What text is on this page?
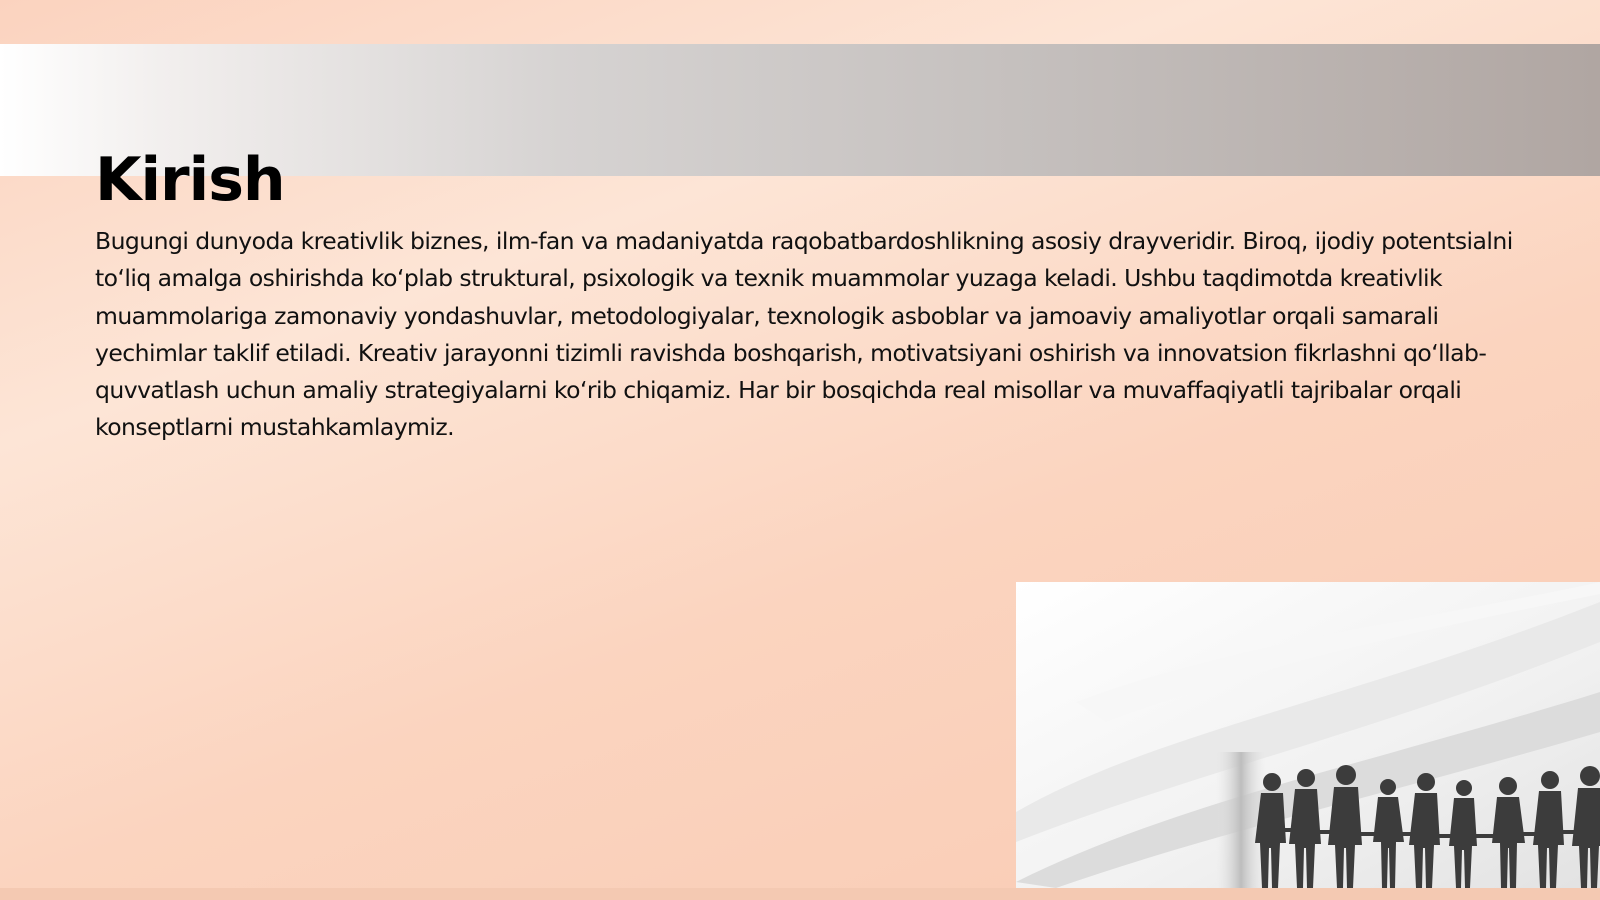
Kirish

Bugungi dunyoda kreativlik biznes, ilm-fan va madaniyatda raqobatbardoshlikning asosiy drayveridir. Biroq, ijodiy potentsialni to‘liq amalga oshirishda ko‘plab struktural, psixologik va texnik muammolar yuzaga keladi. Ushbu taqdimotda kreativlik muammolariga zamonaviy yondashuvlar, metodologiyalar, texnologik asboblar va jamoaviy amaliyotlar orqali samarali yechimlar taklif etiladi. Kreativ jarayonni tizimli ravishda boshqarish, motivatsiyani oshirish va innovatsion fikrlashni qo‘llab-quvvatlash uchun amaliy strategiyalarni ko‘rib chiqamiz. Har bir bosqichda real misollar va muvaffaqiyatli tajribalar orqali konseptlarni mustahkamlaymiz.
